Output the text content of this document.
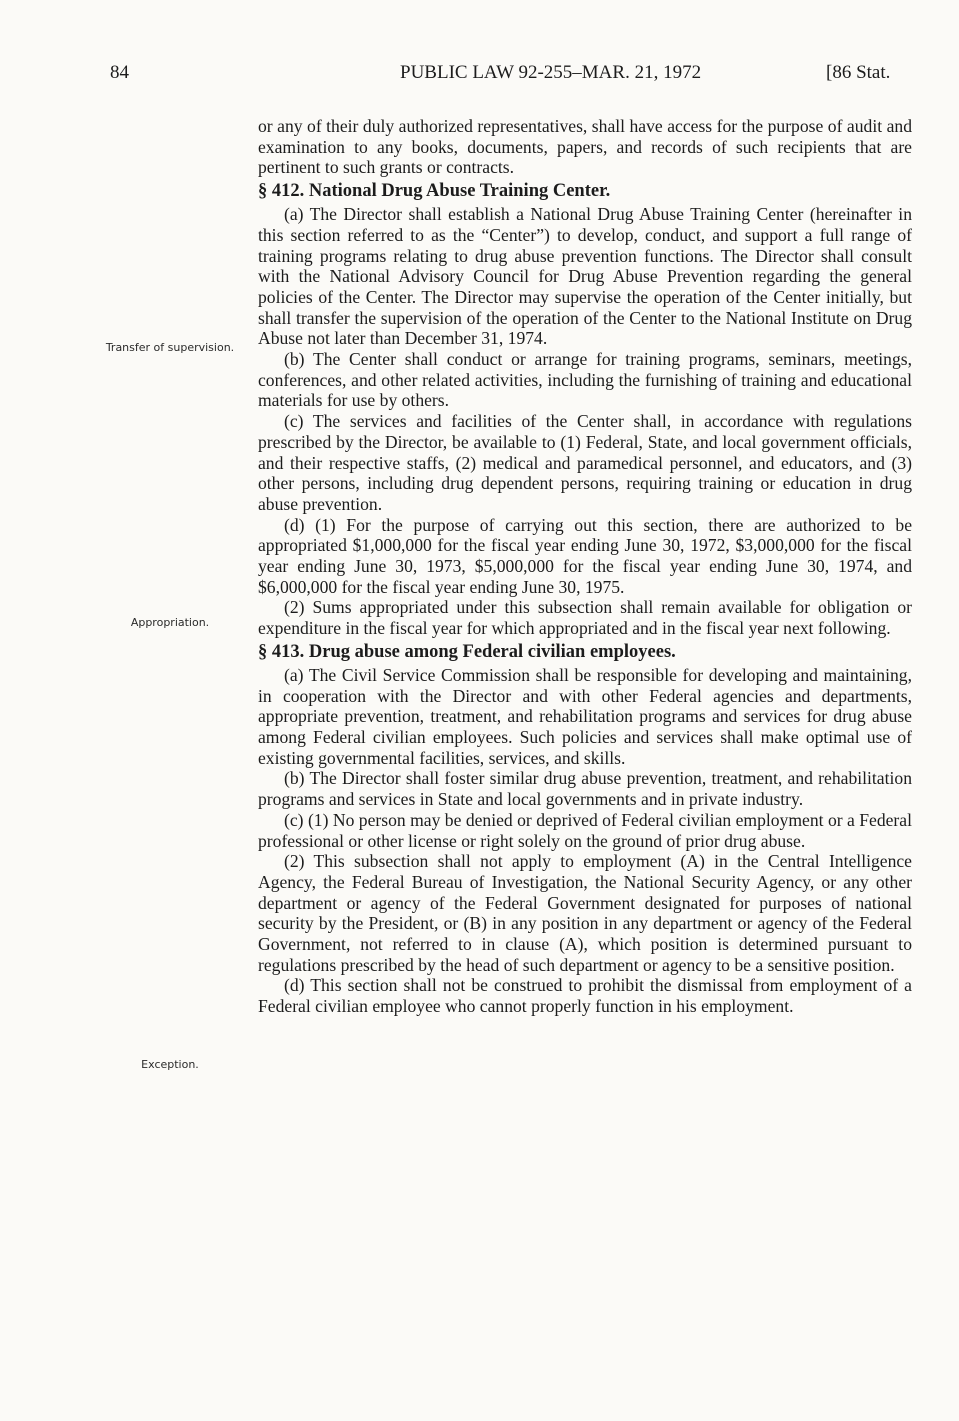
84	PUBLIC LAW 92-255–MAR. 21, 1972	[86 Stat.
Transfer of supervision.
Appropriation.
Exception.

or any of their duly authorized representatives, shall have access for the purpose of audit and examination to any books, documents, papers, and records of such recipients that are pertinent to such grants or contracts.

§ 412. National Drug Abuse Training Center.

(a) The Director shall establish a National Drug Abuse Training Center (hereinafter in this section referred to as the “Center”) to develop, conduct, and support a full range of training programs relating to drug abuse prevention functions. The Director shall consult with the National Advisory Council for Drug Abuse Prevention regarding the general policies of the Center. The Director may supervise the operation of the Center initially, but shall transfer the supervision of the operation of the Center to the National Institute on Drug Abuse not later than December 31, 1974.

(b) The Center shall conduct or arrange for training programs, seminars, meetings, conferences, and other related activities, including the furnishing of training and educational materials for use by others.

(c) The services and facilities of the Center shall, in accordance with regulations prescribed by the Director, be available to (1) Federal, State, and local government officials, and their respective staffs, (2) medical and paramedical personnel, and educators, and (3) other persons, including drug dependent persons, requiring training or education in drug abuse prevention.

(d) (1) For the purpose of carrying out this section, there are authorized to be appropriated $1,000,000 for the fiscal year ending June 30, 1972, $3,000,000 for the fiscal year ending June 30, 1973, $5,000,000 for the fiscal year ending June 30, 1974, and $6,000,000 for the fiscal year ending June 30, 1975.

(2) Sums appropriated under this subsection shall remain available for obligation or expenditure in the fiscal year for which appropriated and in the fiscal year next following.

§ 413. Drug abuse among Federal civilian employees.

(a) The Civil Service Commission shall be responsible for developing and maintaining, in cooperation with the Director and with other Federal agencies and departments, appropriate prevention, treatment, and rehabilitation programs and services for drug abuse among Federal civilian employees. Such policies and services shall make optimal use of existing governmental facilities, services, and skills.

(b) The Director shall foster similar drug abuse prevention, treatment, and rehabilitation programs and services in State and local governments and in private industry.

(c) (1) No person may be denied or deprived of Federal civilian employment or a Federal professional or other license or right solely on the ground of prior drug abuse.

(2) This subsection shall not apply to employment (A) in the Central Intelligence Agency, the Federal Bureau of Investigation, the National Security Agency, or any other department or agency of the Federal Government designated for purposes of national security by the President, or (B) in any position in any department or agency of the Federal Government, not referred to in clause (A), which position is determined pursuant to regulations prescribed by the head of such department or agency to be a sensitive position.

(d) This section shall not be construed to prohibit the dismissal from employment of a Federal civilian employee who cannot properly function in his employment.
